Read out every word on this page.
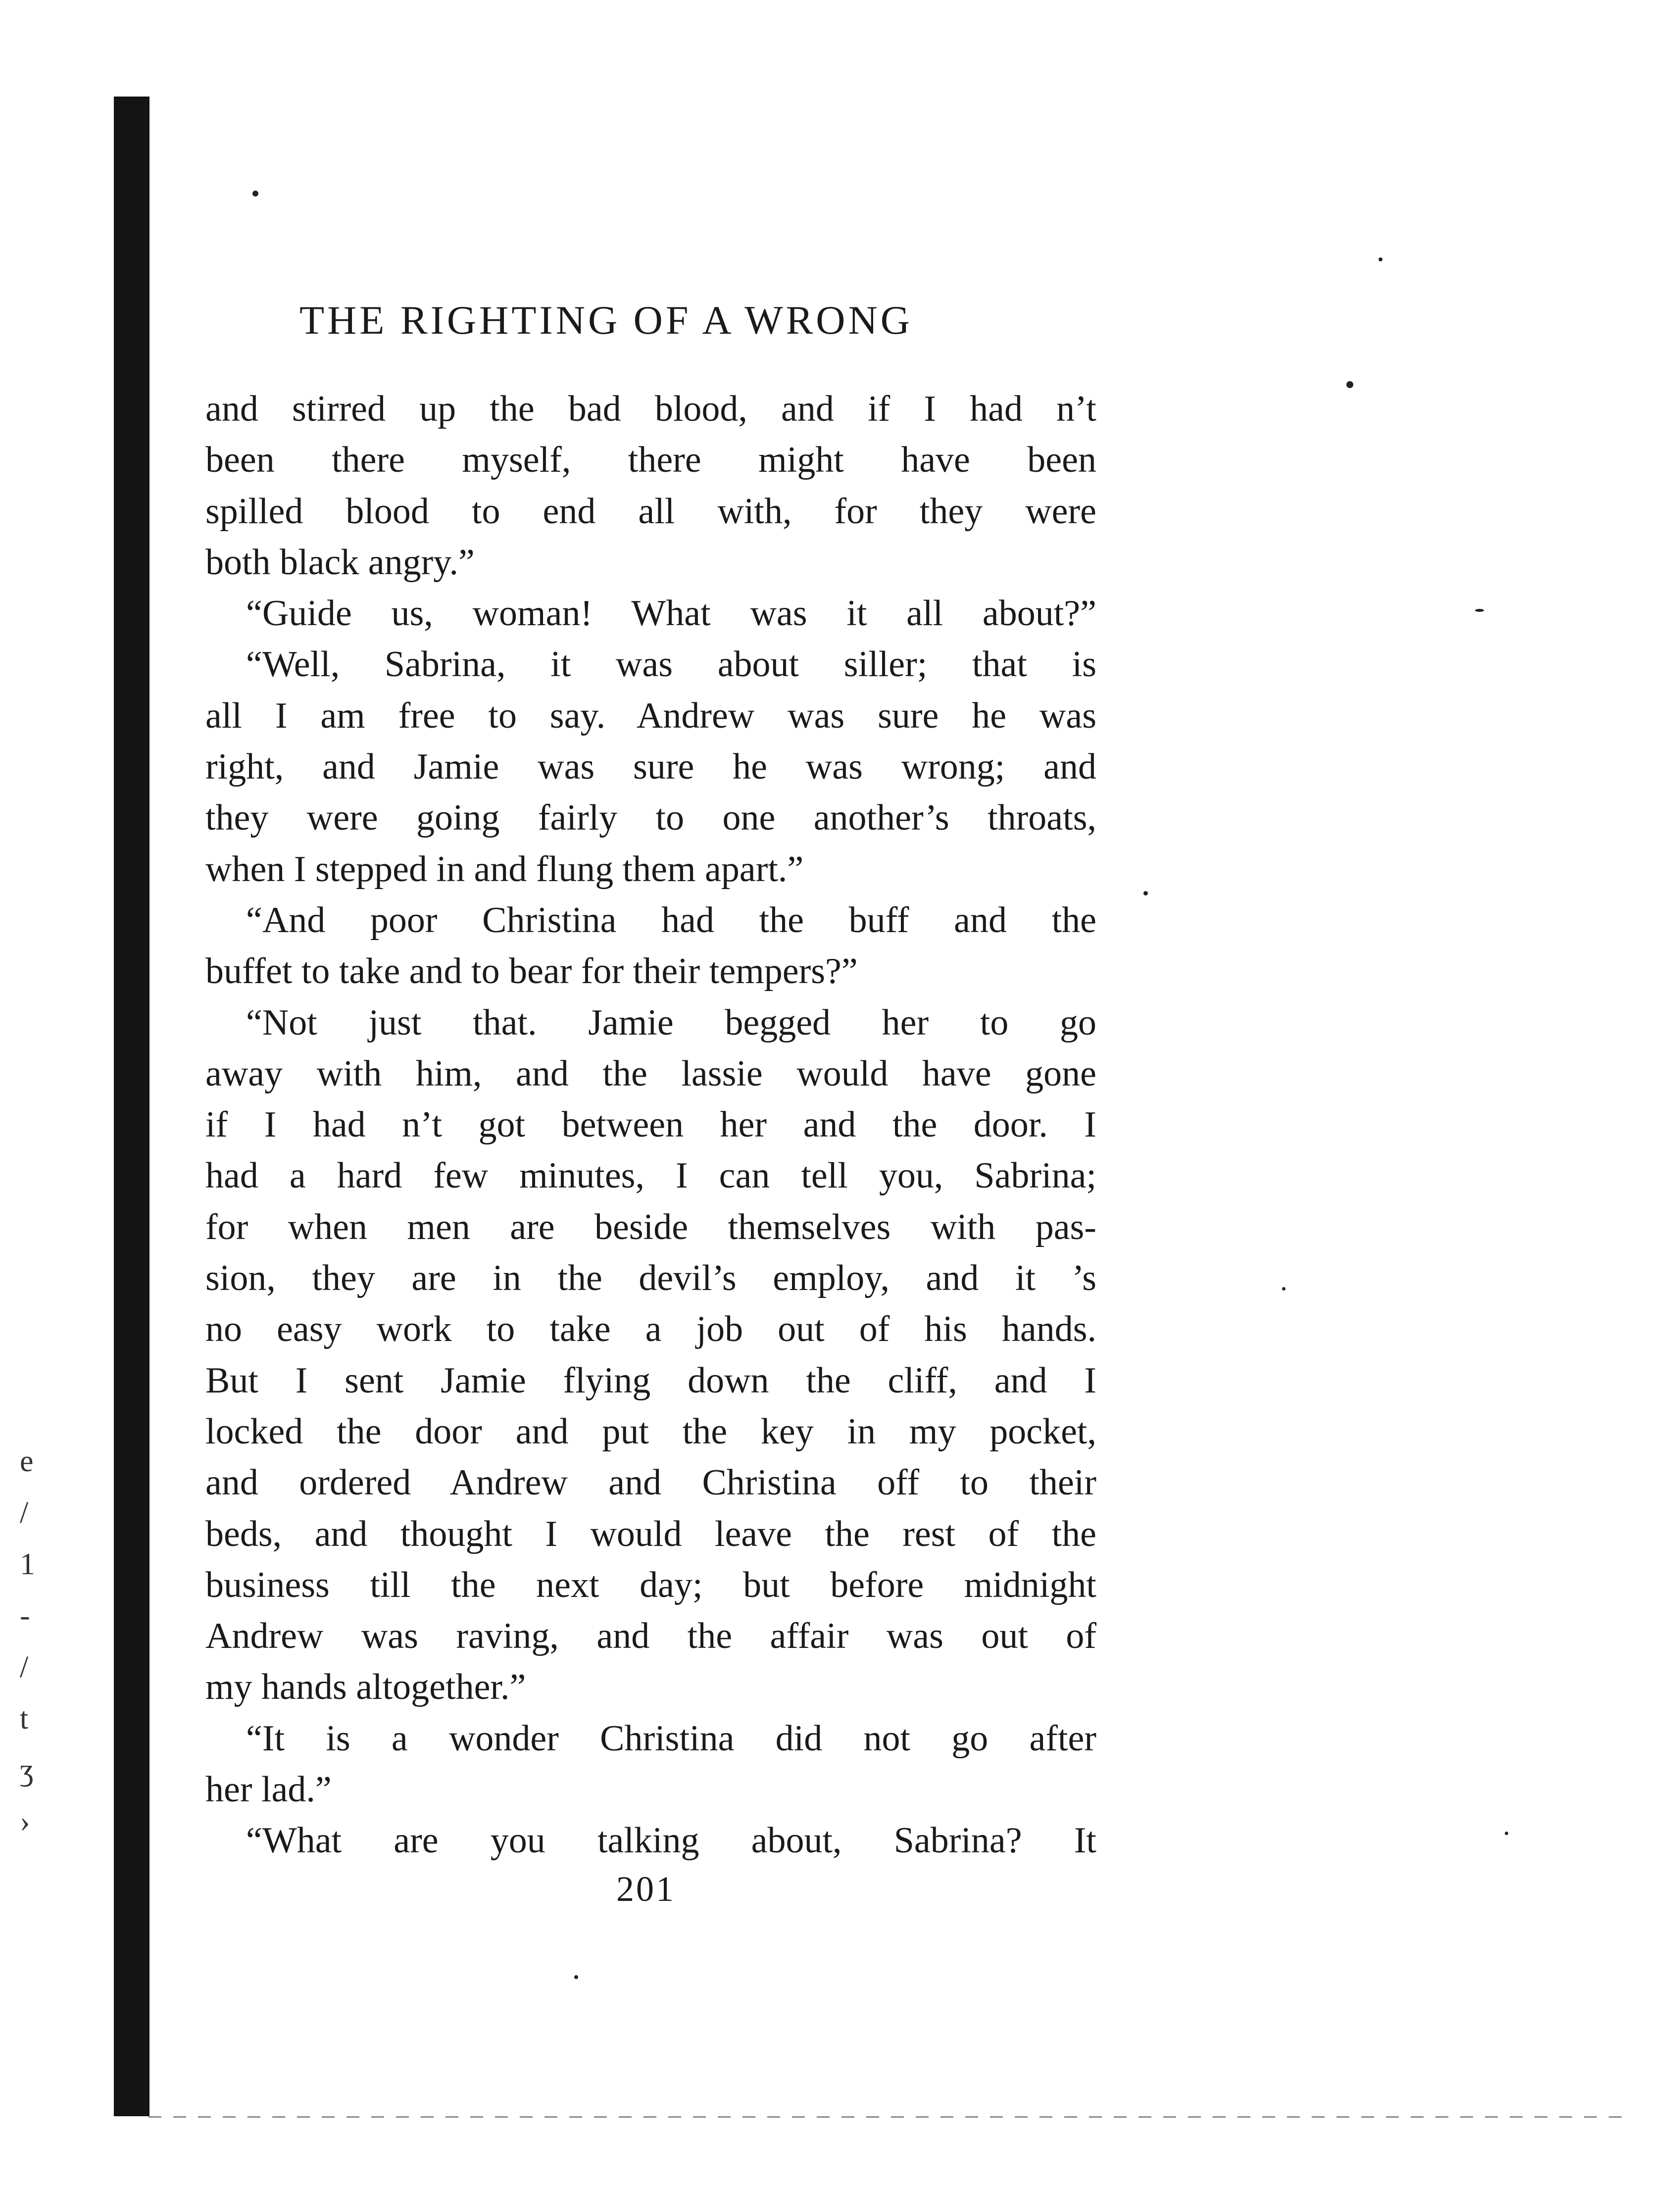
e
/
1
-
/
t
ʒ
›
THE RIGHTING OF A WRONG
and stirred up the bad blood, and if I had n’t
been there myself, there might have been
spilled blood to end all with, for they were
both black angry.”
“Guide us, woman! What was it all about?”
“Well, Sabrina, it was about siller; that is
all I am free to say. Andrew was sure he was
right, and Jamie was sure he was wrong; and
they were going fairly to one another’s throats,
when I stepped in and flung them apart.”
“And poor Christina had the buff and the
buffet to take and to bear for their tempers?”
“Not just that. Jamie begged her to go
away with him, and the lassie would have gone
if I had n’t got between her and the door. I
had a hard few minutes, I can tell you, Sabrina;
for when men are beside themselves with pas-
sion, they are in the devil’s employ, and it ’s
no easy work to take a job out of his hands.
But I sent Jamie flying down the cliff, and I
locked the door and put the key in my pocket,
and ordered Andrew and Christina off to their
beds, and thought I would leave the rest of the
business till the next day; but before midnight
Andrew was raving, and the affair was out of
my hands altogether.”
“It is a wonder Christina did not go after
her lad.”
“What are you talking about, Sabrina? It
201
